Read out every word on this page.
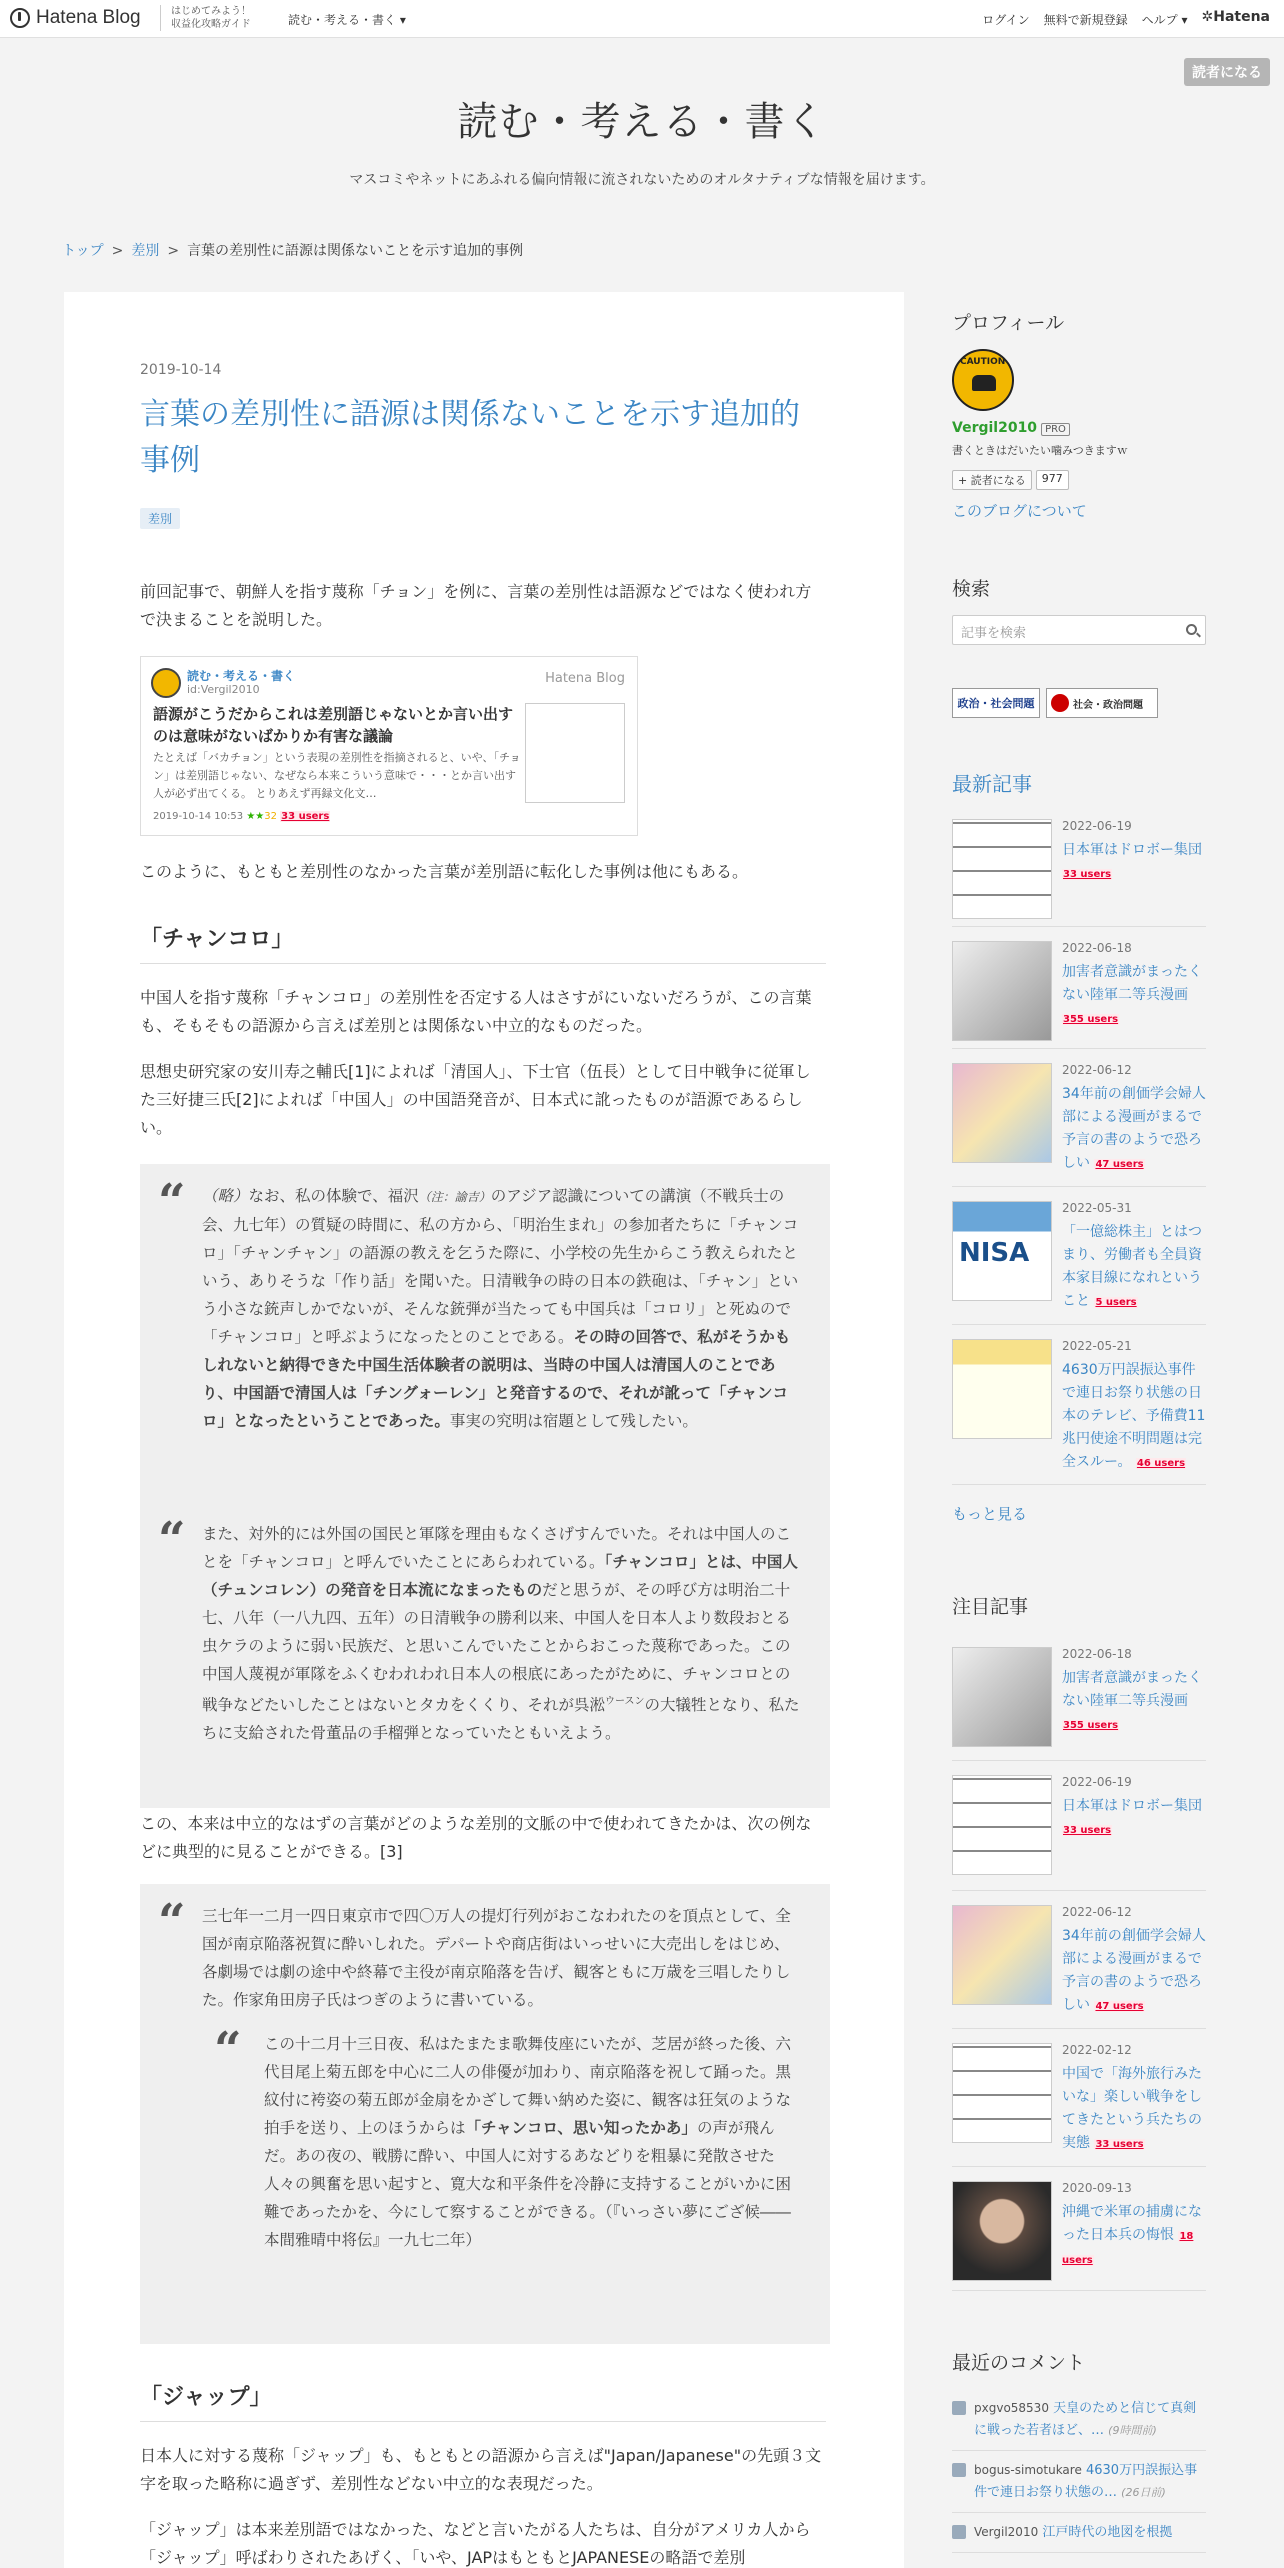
Hatena Blog	はじめてみよう！
収益化攻略ガイド	読む・考える・書く ▾	ログイン 無料で新規登録 ヘルプ ▾ ✲Hatena
読者になる
読む・考える・書く

マスコミやネットにあふれる偏向情報に流されないためのオルタナティブな情報を届けます。

トップ > 差別 > 言葉の差別性に語源は関係ないことを示す追加的事例
2019-10-14
言葉の差別性に語源は関係ないことを示す追加的事例
差別
前回記事で、朝鮮人を指す蔑称「チョン」を例に、言葉の差別性は語源などではなく使われ方で決まることを説明した。
読む・考える・書く
id:Vergil2010
Hatena Blog
語源がこうだからこれは差別語じゃないとか言い出すのは意味がないばかりか有害な議論
たとえば「バカチョン」という表現の差別性を指摘されると、いや、「チョン」は差別語じゃない、なぜなら本来こういう意味で・・・とか言い出す人が必ず出てくる。 とりあえず再録文化文…
2019-10-14 10:53 ★★32 33 users
このように、もともと差別性のなかった言葉が差別語に転化した事例は他にもある。
「チャンコロ」
中国人を指す蔑称「チャンコロ」の差別性を否定する人はさすがにいないだろうが、この言葉も、そもそもの語源から言えば差別とは関係ない中立的なものだった。
思想史研究家の安川寿之輔氏[1]によれば「清国人」、下士官（伍長）として日中戦争に従軍した三好捷三氏[2]によれば「中国人」の中国語発音が、日本式に訛ったものが語源であるらしい。
“ （略）なお、私の体験で、福沢（注：諭吉）のアジア認識についての講演（不戦兵士の会、九七年）の質疑の時間に、私の方から、「明治生まれ」の参加者たちに「チャンコロ」「チャンチャン」の語源の教えを乞うた際に、小学校の先生からこう教えられたという、ありそうな「作り話」を聞いた。日清戦争の時の日本の鉄砲は、「チャン」という小さな銃声しかでないが、そんな銃弾が当たっても中国兵は「コロリ」と死ぬので「チャンコロ」と呼ぶようになったとのことである。その時の回答で、私がそうかもしれないと納得できた中国生活体験者の説明は、当時の中国人は清国人のことであり、中国語で清国人は「チングォーレン」と発音するので、それが訛って「チャンコロ」となったということであった。事実の究明は宿題として残したい。
“ また、対外的には外国の国民と軍隊を理由もなくさげすんでいた。それは中国人のことを「チャンコロ」と呼んでいたことにあらわれている。「チャンコロ」とは、中国人（チュンコレン）の発音を日本流になまったものだと思うが、その呼び方は明治二十七、八年（一八九四、五年）の日清戦争の勝利以来、中国人を日本人より数段おとる虫ケラのように弱い民族だ、と思いこんでいたことからおこった蔑称であった。この中国人蔑視が軍隊をふくむわれわれ日本人の根底にあったがために、チャンコロとの戦争などたいしたことはないとタカをくくり、それが呉淞$^{ウースン}$の大犠牲となり、私たちに支給された骨董品の手榴弾となっていたともいえよう。
この、本来は中立的なはずの言葉がどのような差別的文脈の中で使われてきたかは、次の例などに典型的に見ることができる。[3]
“ 三七年一二月一四日東京市で四〇万人の提灯行列がおこなわれたのを頂点として、全国が南京陥落祝賀に酔いしれた。デパートや商店街はいっせいに大売出しをはじめ、各劇場では劇の途中や終幕で主役が南京陥落を告げ、観客ともに万歳を三唱したりした。作家角田房子氏はつぎのように書いている。
“ この十二月十三日夜、私はたまたま歌舞伎座にいたが、芝居が終った後、六代目尾上菊五郎を中心に二人の俳優が加わり、南京陥落を祝して踊った。黒紋付に袴姿の菊五郎が金扇をかざして舞い納めた姿に、観客は狂気のような拍手を送り、上のほうからは「チャンコロ、思い知ったかあ」の声が飛んだ。あの夜の、戦勝に酔い、中国人に対するあなどりを粗暴に発散させた人々の興奮を思い起すと、寛大な和平条件を冷静に支持することがいかに困難であったかを、今にして察することができる。（『いっさい夢にござ候――本間雅晴中将伝』一九七二年）
「ジャップ」
日本人に対する蔑称「ジャップ」も、もともとの語源から言えば"Japan/Japanese"の先頭３文字を取った略称に過ぎず、差別性などない中立的な表現だった。
「ジャップ」は本来差別語ではなかった、などと言いたがる人たちは、自分がアメリカ人から「ジャップ」呼ばわりされたあげく、「いや、JAPはもともとJAPANESEの略語で差別
プロフィール
CAUTION
Vergil2010 PRO
書くときはだいたい噛みつきますｗ
+ 読者になる	977
このブログについて
検索
記事を検索
政治・社会問題	社会・政治問題
最新記事
2022-06-19
日本軍はドロボー集団 33 users
2022-06-18
加害者意識がまったくない陸軍二等兵漫画 355 users
2022-06-12
34年前の創価学会婦人部による漫画がまるで予言の書のようで恐ろしい 47 users
NISA
2022-05-31
「一億総株主」とはつまり、労働者も全員資本家目線になれということ 5 users
2022-05-21
4630万円誤振込事件で連日お祭り状態の日本のテレビ、予備費11兆円使途不明問題は完全スルー。 46 users
もっと見る
注目記事
2022-06-18
加害者意識がまったくない陸軍二等兵漫画 355 users
2022-06-19
日本軍はドロボー集団 33 users
2022-06-12
34年前の創価学会婦人部による漫画がまるで予言の書のようで恐ろしい 47 users
2022-02-12
中国で「海外旅行みたいな」楽しい戦争をしてきたという兵たちの実態 33 users
2020-09-13
沖縄で米軍の捕虜になった日本兵の悔恨 18 users
最近のコメント
pxgvo58530 天皇のためと信じて真剣に戦った若者ほど、… (9時間前)
bogus-simotukare 4630万円誤振込事件で連日お祭り状態の… (26日前)
Vergil2010 江戸時代の地図を根拠
